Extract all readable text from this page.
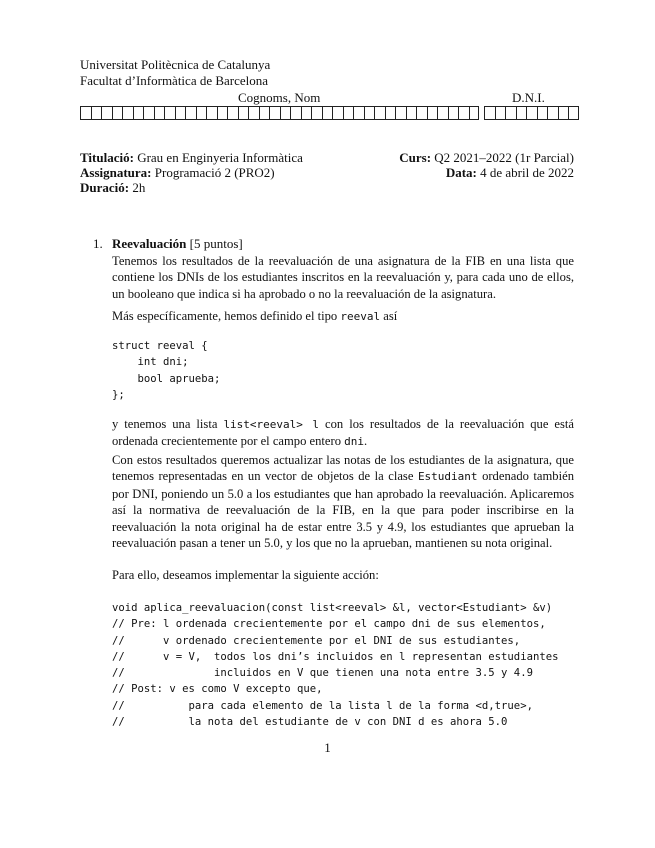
Universitat Politècnica de Catalunya
Facultat d’Informàtica de Barcelona
Cognoms, Nom	D.N.I.
Titulació: Grau en Enginyeria Informàtica
Assignatura: Programació 2 (PRO2)
Duració: 2h
Curs: Q2 2021–2022 (1r Parcial)
Data: 4 de abril de 2022
1. Reevaluación [5 puntos]
Tenemos los resultados de la reevaluación de una asignatura de la FIB en una lista que contiene los DNIs de los estudiantes inscritos en la reevaluación y, para cada uno de ellos, un booleano que indica si ha aprobado o no la reevaluación de la asignatura.
Más específicamente, hemos definido el tipo reeval así
struct reeval {
int dni;
bool aprueba;
};
y tenemos una lista list<reeval> l con los resultados de la reevaluación que está ordenada crecientemente por el campo entero dni.
Con estos resultados queremos actualizar las notas de los estudiantes de la asignatura, que tenemos representadas en un vector de objetos de la clase Estudiant ordenado también por DNI, poniendo un 5.0 a los estudiantes que han aprobado la reevaluación. Aplicaremos así la normativa de reevaluación de la FIB, en la que para poder inscribirse en la reevaluación la nota original ha de estar entre 3.5 y 4.9, los estudiantes que aprueban la reevaluación pasan a tener un 5.0, y los que no la aprueban, mantienen su nota original.
Para ello, deseamos implementar la siguiente acción:
void aplica_reevaluacion(const list<reeval> &l, vector<Estudiant> &v)
// Pre: l ordenada crecientemente por el campo dni de sus elementos,
//      v ordenado crecientemente por el DNI de sus estudiantes,
//      v = V,  todos los dni’s incluidos en l representan estudiantes
//              incluidos en V que tienen una nota entre 3.5 y 4.9
// Post: v es como V excepto que,
//          para cada elemento de la lista l de la forma <d,true>,
//          la nota del estudiante de v con DNI d es ahora 5.0
1
